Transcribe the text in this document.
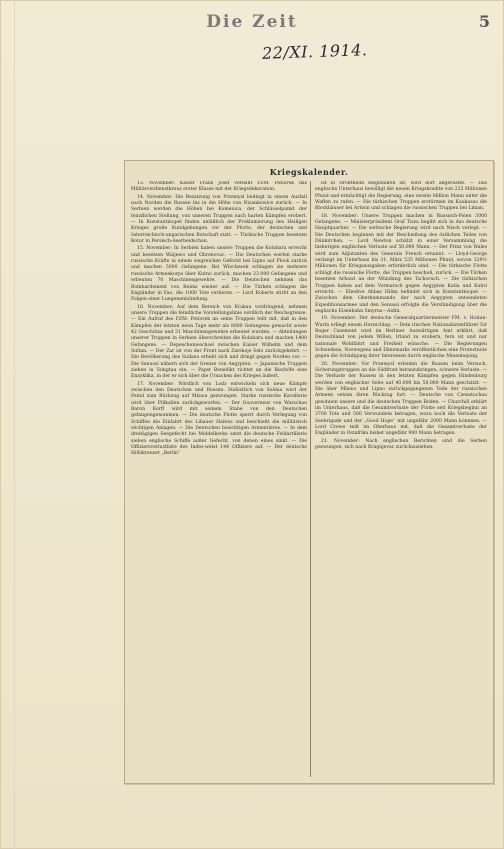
Die Zeit	5
22/XI. 1914.
Kriegskalender.

13. November: Kaiser Franz Josef verleiht FZM. Potiorek das Militärverdienstkreuz erster Klasse mit der Kriegsdekoration.

14. November: Die Besatzung von Przemysl bedingt in einem Ausfall nach Norden die Russen bis in die Höhe von Nizankowice zurück. — In Serbien werden die Höhen bei Komenica, der Schlüsselpunkt der feindlichen Stellung, von unseren Truppen nach harten Kämpfen erobert. — In Konstantinopel finden anläßlich der Proklamierung des Heiligen Krieges große Kundgebungen vor der Pforte, der deutschen und österreichisch-ungarischen Botschaft statt. — Türkische Truppen besetzen Kotur in Persisch-Aserbeidschan.

15. November: In Serbien haben unsere Truppen die Kolubara erreicht und besetzen Waljewo und Obrenovac. — Die Deutschen werfen starke russische Kräfte in einem siegreichen Gefecht bei Lipno auf Plock zurück und machen 5000 Gefangene. Bei Wloclawek schlagen sie mehrere russische Armeekorps über Kutno zurück, machen 23.000 Gefangene und erbeuten 70 Maschinengewehre. — Die Deutschen nehmen das Bombardement von Reims wieder auf. — Die Türken schlagen die Engländer in Fao, die 1000 Tote verlieren. — Lord Roberts stirbt an den Folgen einer Lungenentzündung.

16. November: Auf dem Bereich von Krakau vordringend, nehmen unsere Truppen die feindliche Vorstellungslinie nördlich der Reichsgrenze. — Ein Aufruf des FZM. Potiorek an seine Truppen teilt mit, daß in den Kämpfen der letzten neun Tage mehr als 8000 Gefangene gemacht sowie 42 Geschütze und 31 Maschinengewehre erbeutet wurden. — Abteilungen unserer Truppen in Serbien überschreiten die Kolubara und machen 1400 Gefangene. — Depeschenwechsel zwischen Kaiser Wilhelm und dem Sultan. — Der Zar ist von der Front nach Zarskoje Selo zurückgekehrt. — Die Bevölkerung des Sudans erhebt sich und dringt gegen Norden vor. — Die Senussi nähern sich der Grenze von Aegypten. — Japanische Truppen ziehen in Tsingtau ein. — Papst Benedikt richtet an die Bischöfe eine Enzyklika, in der er sich über die Ursachen des Krieges äußert.

17. November: Nördlich von Lodz entwickeln sich neue Kämpfe zwischen den Deutschen und Russen. Südöstlich von Soldau wird der Feind zum Rückzug auf Mlawa gezwungen. Starke russische Kavallerie wird über Pillkallen zurückgeworfen. — Der Gouverneur von Warschau Baron Korff wird mit seinem Stabe von den Deutschen gefangengenommen. — Die deutsche Flotte sperrt durch Verlegung von Schiffen die Einfahrt des Libauer Hafens und beschießt die militärisch wichtigen Anlagen. — Die Deutschen besichtigen Armentières. — In dem dreitägigen Seegefecht bei Middelkerke setzt die deutsche Feldartillerie sieben englische Schiffe außer Gefecht, von denen eines sinkt. — Die Offiziersverlustliste des Indes-weist 144 Offiziere auf. — Der deutsche Hilfskreuzer „Berlin“

ist in Drontheim eingelaufen ist, wird dort abgerüstet. — Das englische Unterhaus bewilligt die neuen Kriegskredite von 225 Millionen Pfund und ermächtigt die Regierung, eine zweite Million Mann unter die Waffen zu rufen. — Die türkischen Truppen erstürmen im Kaukasus die Blockhäuser bei Artwin und schlagen die russischen Truppen bei Liman.

18. November: Unsere Truppen machen in Russisch-Polen 3000 Gefangene. — Ministerpräsident Graf Tisza begibt sich in das deutsche Hauptquartier. — Die serbische Regierung wird nach Nisch verlegt. — Die Deutschen beginnen mit der Beschießung des östlichen Teiles von Dünkirchen. — Lord Newton schätzt in einer Versammlung die bisherigen englischen Verluste auf 50.000 Mann. — Der Prinz von Wales wird zum Adjutanten des Generals French ernannt. — Lloyd-George verlangt im Unterhaus bis 31. März 535 Millionen Pfund, wovon 329½ Millionen für Kriegsausgaben erforderlich sind. — Die türkische Flotte schlägt die russische Flotte, die Truppen beschoß, zurück. — Die Türken besetzen Arhawi an der Mündung des Tschoruch. — Die türkischen Truppen haben auf dem Vormarsch gegen Aegypten Katia und Kubri erreicht. — Ehedive Abbas Hilmi befindet sich in Konstantinopel. — Zwischen dem Oberkommando der nach Aegypten entsendeten Expeditionsarmee und den Senussi erfolgte die Verständigung über die englische Eisenbahn Smyrna—Aidin.

19. November: Der deutsche Generalquartiermeister FM. v. Hoinin-Wurm erliegt einem Herzschlag. — Dem irischen Nationalistenführer Sir Roger Casement wird im Berliner Auswärtigen Amt erklärt, daß Deutschland von jedem Willen, Irland zu erobern, fern ist und nur nationale Wohlfahrt und Freiheit wünsche. — Die Regierungen Schwedens, Norwegens und Dänemarks veröffentlichen eine Protestnote gegen die Schädigung ihrer Interessen durch englische Minenlegung.

20. November: Vor Przemysl erleiden die Russen beim Versuch, Sicherungstruppen an die Südfront heranzubringen, schwere Verluste. — Die Verluste der Russen in den letzten Kämpfen gegen Hindenburg werden von englischer Seite auf 40.000 bis 50.000 Mann geschätzt. — Die über Mlawa und Lipno zurückgegangenen Teile der russischen Armeen setzen ihren Rückzug fort. — Deutsche von Czenstochau gewinnen unsere und die deutschen Truppen Boden. — Churchill erklärt im Unterhaus, daß die Gesamtverluste der Flotte seit Kriegsbeginn an 3700 Tote und 500 Verwundete betragen, wozu noch die Verluste der Seebrigade und der „Good Hope“ mit ungefähr 2000 Mann kommen. — Lord Crewe teilt im Oberhaus mit, daß die Gesamtverluste der Engländer in Ostafrika bisher ungefähr 900 Mann betragen.

21. November: Nach englischen Berichten sind die Serben gezwungen, sich nach Kragujevac zurückzuziehen.
